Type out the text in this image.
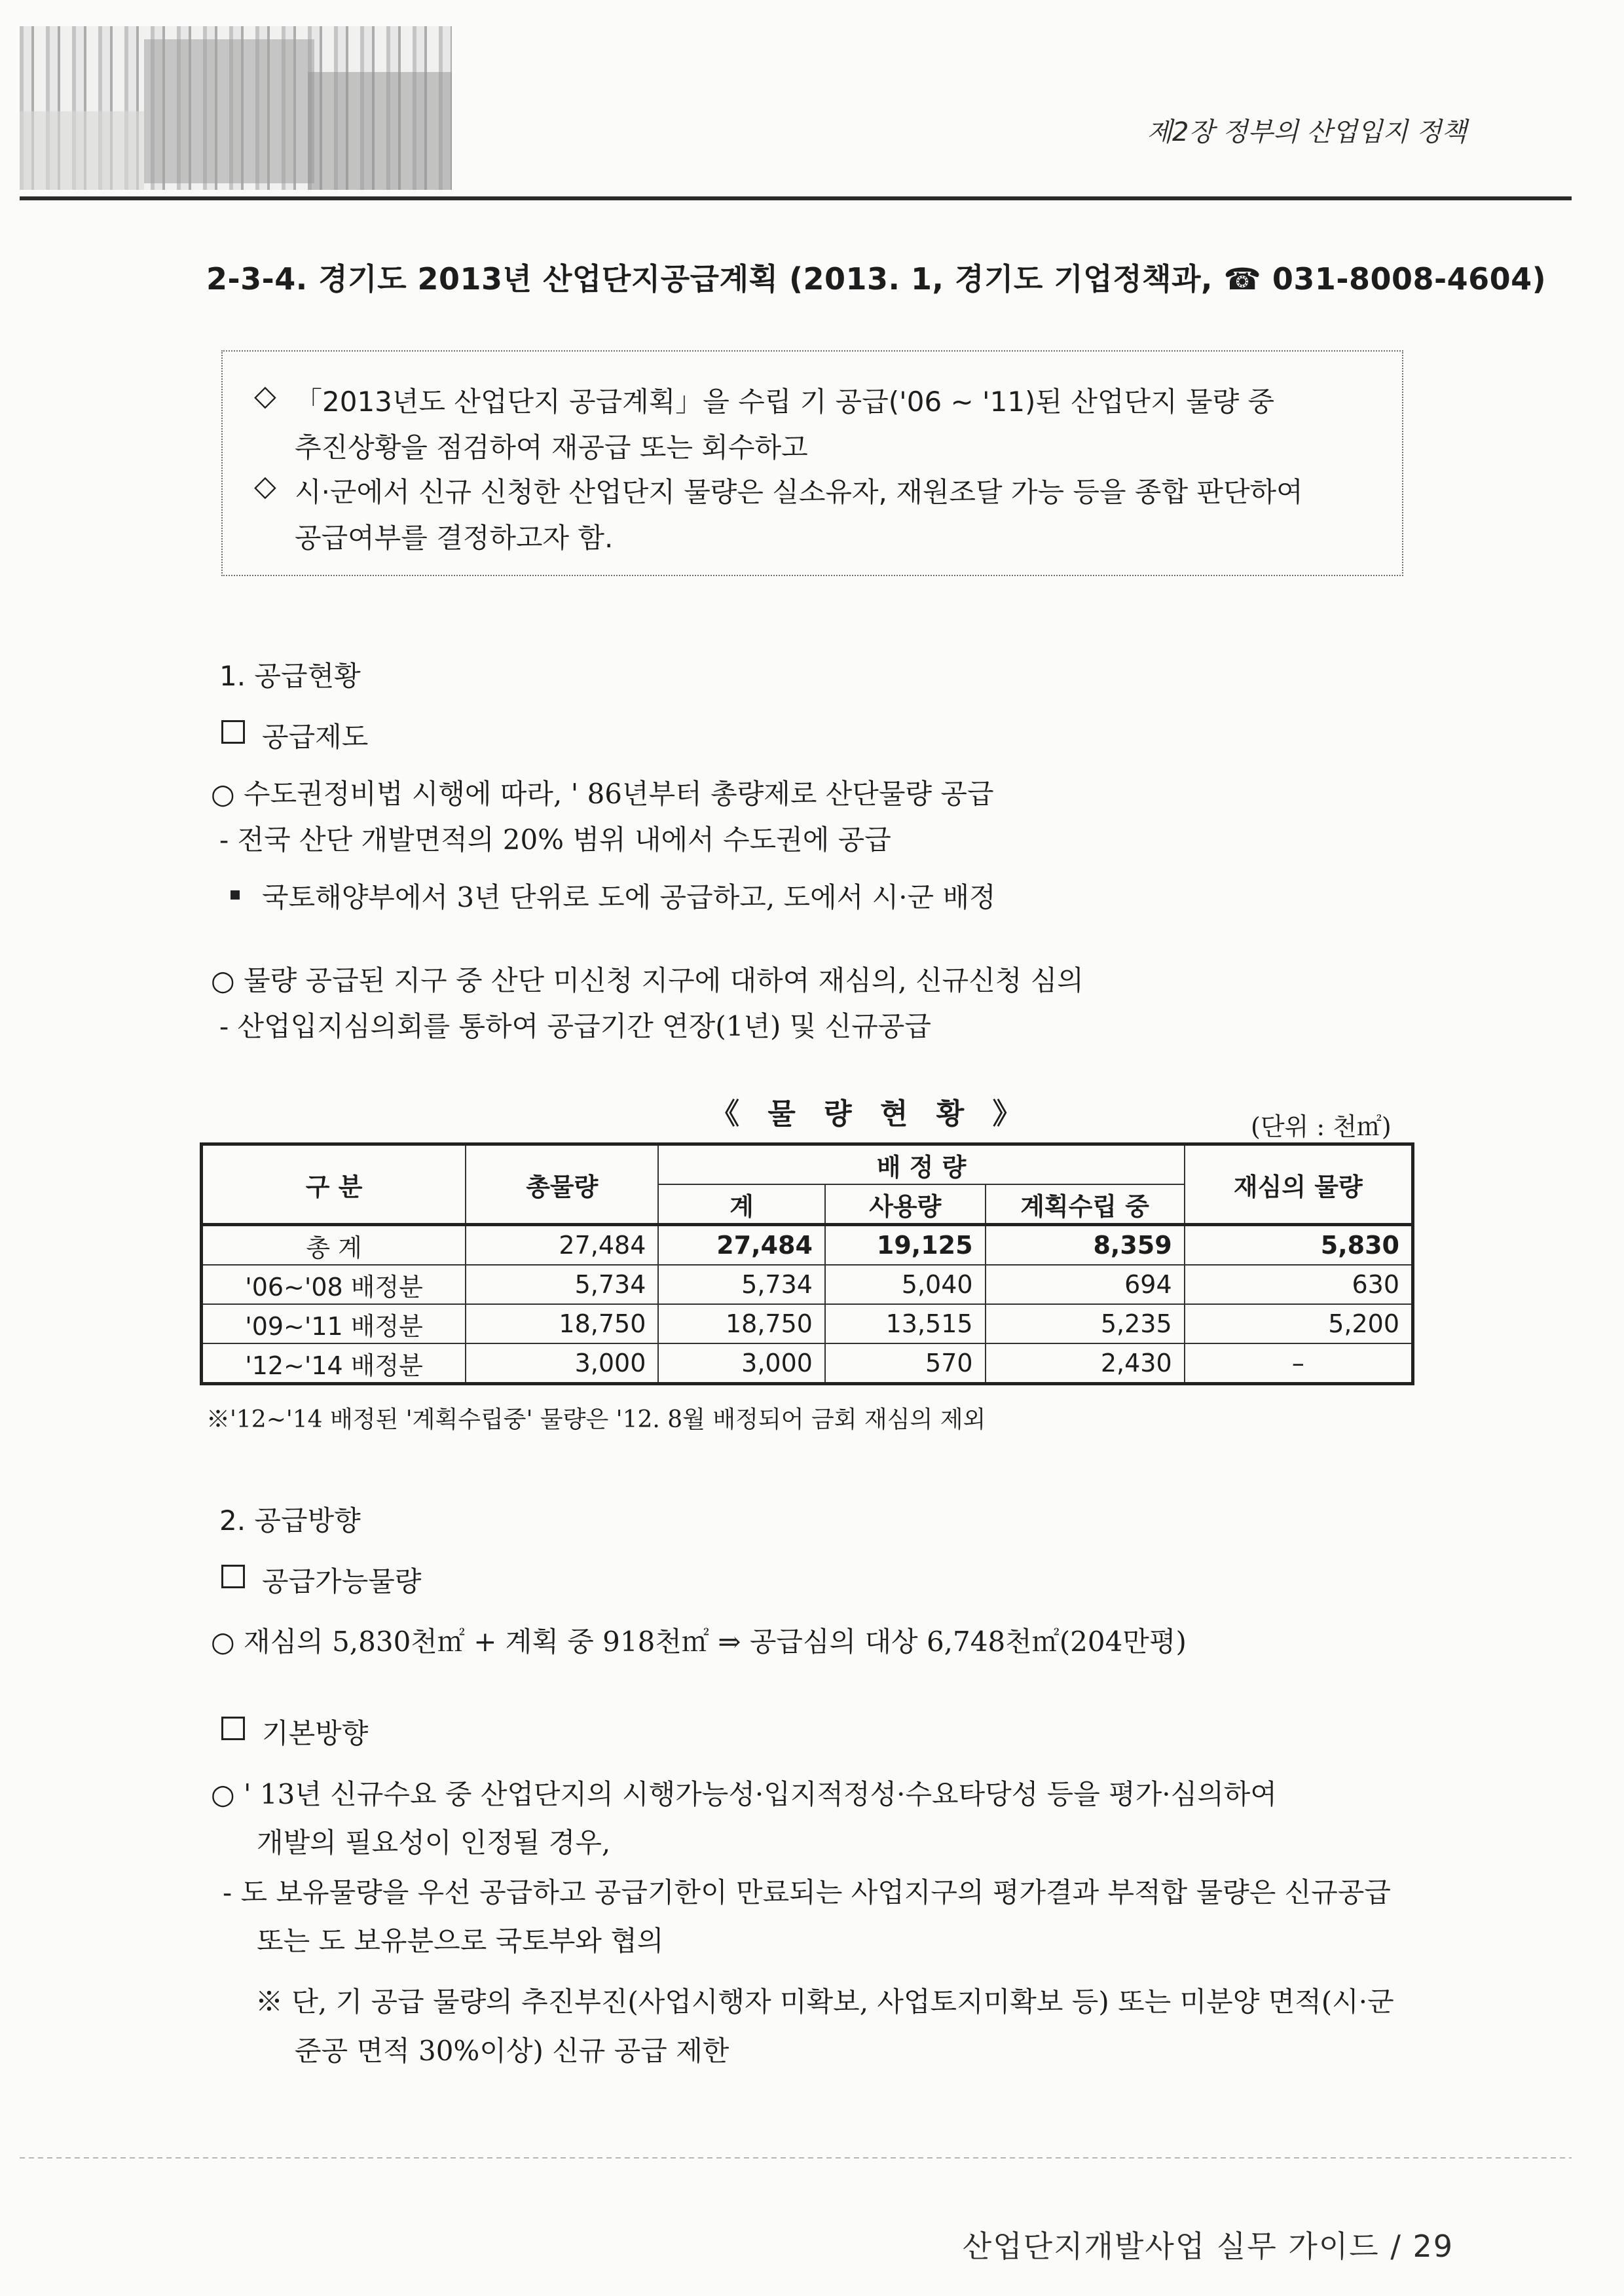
제2장 정부의 산업입지 정책
2-3-4. 경기도 2013년 산업단지공급계획 (2013. 1, 경기도 기업정책과, ☎ 031-8008-4604)
◇ 「2013년도 산업단지 공급계획」을 수립 기 공급('06 ~ '11)된 산업단지 물량 중
추진상황을 점검하여 재공급 또는 회수하고
◇ 시·군에서 신규 신청한 산업단지 물량은 실소유자, 재원조달 가능 등을 종합 판단하여
공급여부를 결정하고자 함.
1. 공급현황
공급제도
○ 수도권정비법 시행에 따라, ' 86년부터 총량제로 산단물량 공급
- 전국 산단 개발면적의 20% 범위 내에서 수도권에 공급
국토해양부에서 3년 단위로 도에 공급하고, 도에서 시·군 배정
○ 물량 공급된 지구 중 산단 미신청 지구에 대하여 재심의, 신규신청 심의
- 산업입지심의회를 통하여 공급기간 연장(1년) 및 신규공급
《 물 량 현 황 》	(단위 : 천㎡)
구 분	총물량	배 정 량			재심의 물량
		계	사용량	계획수립 중	
총 계	27,484	27,484	19,125	8,359	5,830
'06~'08 배정분	5,734	5,734	5,040	694	630
'09~'11 배정분	18,750	18,750	13,515	5,235	5,200
'12~'14 배정분	3,000	3,000	570	2,430	–
※'12~'14 배정된 '계획수립중' 물량은 '12. 8월 배정되어 금회 재심의 제외
2. 공급방향
공급가능물량
○ 재심의 5,830천㎡ + 계획 중 918천㎡ ⇒ 공급심의 대상 6,748천㎡(204만평)
기본방향
○ ' 13년 신규수요 중 산업단지의 시행가능성·입지적정성·수요타당성 등을 평가·심의하여
개발의 필요성이 인정될 경우,
- 도 보유물량을 우선 공급하고 공급기한이 만료되는 사업지구의 평가결과 부적합 물량은 신규공급
또는 도 보유분으로 국토부와 협의
※ 단, 기 공급 물량의 추진부진(사업시행자 미확보, 사업토지미확보 등) 또는 미분양 면적(시·군
준공 면적 30%이상) 신규 공급 제한
산업단지개발사업 실무 가이드 / 29
